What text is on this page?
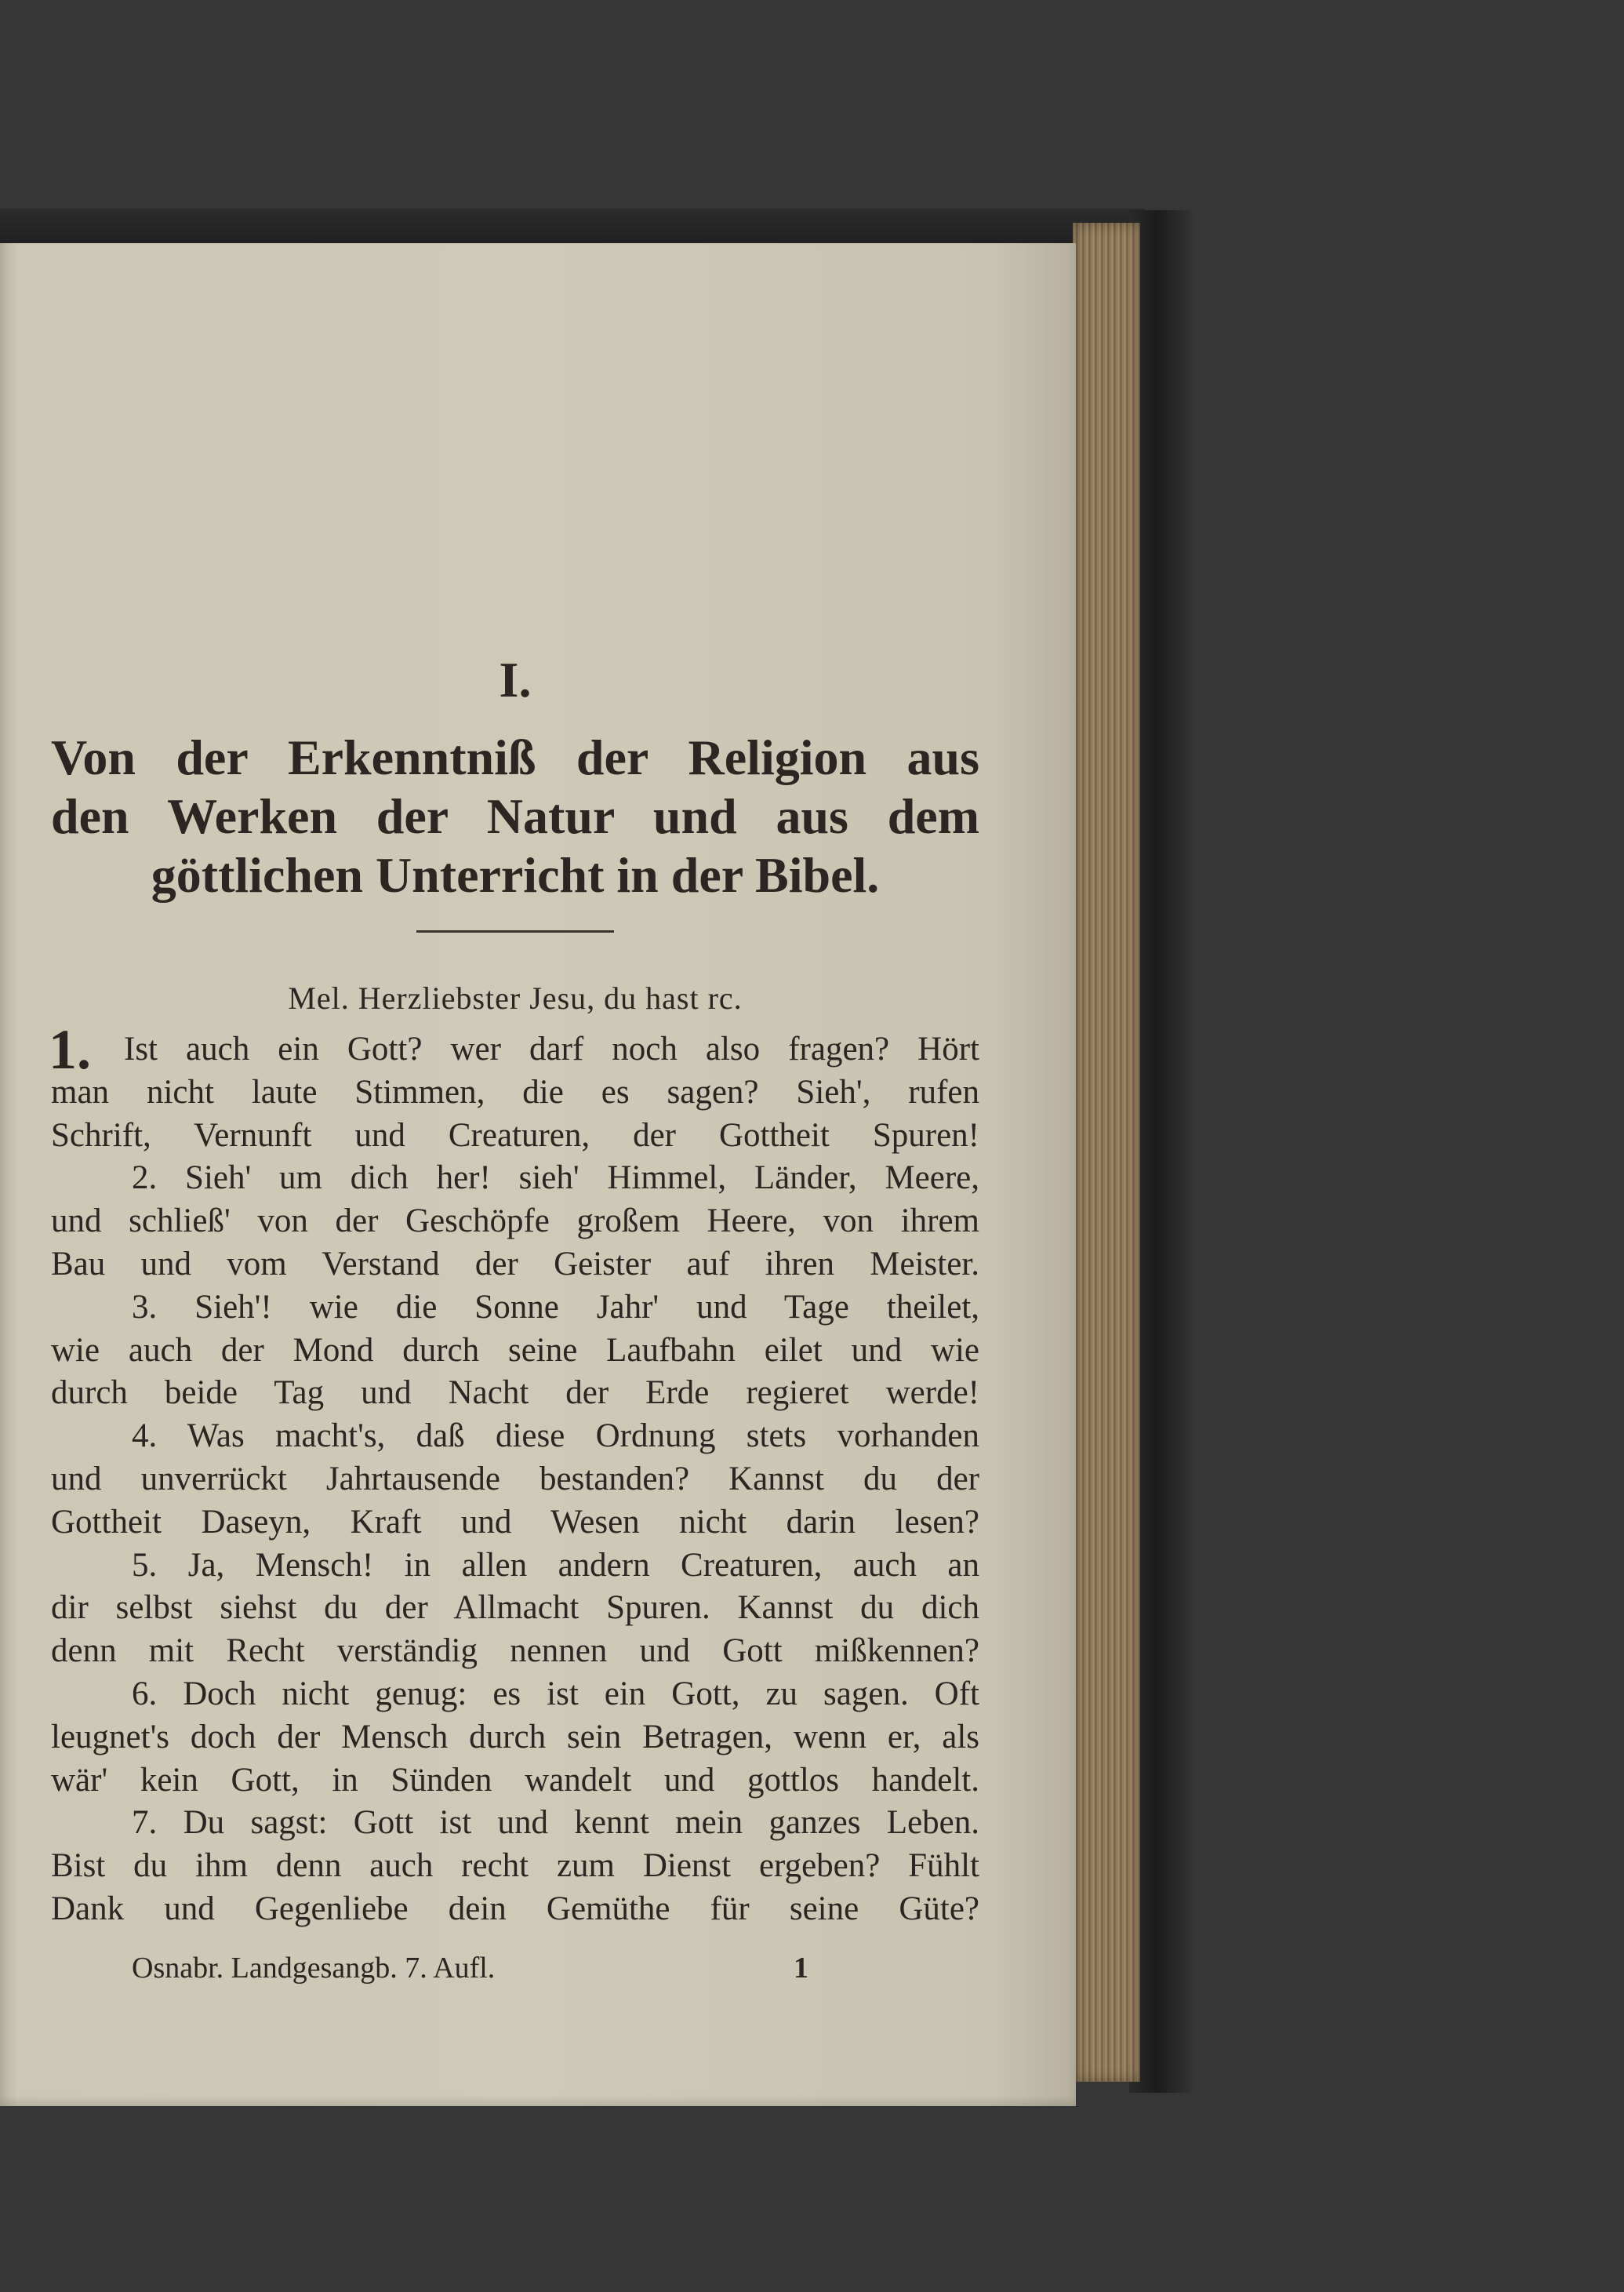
I.
Von der Erkenntniß der Religion aus
den Werken der Natur und aus dem
göttlichen Unterricht in der Bibel.
Mel. Herzliebster Jesu, du hast rc.
1. Ist auch ein Gott? wer darf noch also fragen? Hört
man nicht laute Stimmen, die es sagen? Sieh', rufen
Schrift, Vernunft und Creaturen, der Gottheit Spuren!
2. Sieh' um dich her! sieh' Himmel, Länder, Meere,
und schließ' von der Geschöpfe großem Heere, von ihrem
Bau und vom Verstand der Geister auf ihren Meister.
3. Sieh'! wie die Sonne Jahr' und Tage theilet,
wie auch der Mond durch seine Laufbahn eilet und wie
durch beide Tag und Nacht der Erde regieret werde!
4. Was macht's, daß diese Ordnung stets vorhanden
und unverrückt Jahrtausende bestanden? Kannst du der
Gottheit Daseyn, Kraft und Wesen nicht darin lesen?
5. Ja, Mensch! in allen andern Creaturen, auch an
dir selbst siehst du der Allmacht Spuren. Kannst du dich
denn mit Recht verständig nennen und Gott mißkennen?
6. Doch nicht genug: es ist ein Gott, zu sagen. Oft
leugnet's doch der Mensch durch sein Betragen, wenn er, als
wär' kein Gott, in Sünden wandelt und gottlos handelt.
7. Du sagst: Gott ist und kennt mein ganzes Leben.
Bist du ihm denn auch recht zum Dienst ergeben? Fühlt
Dank und Gegenliebe dein Gemüthe für seine Güte?
Osnabr. Landgesangb. 7. Aufl.	1
